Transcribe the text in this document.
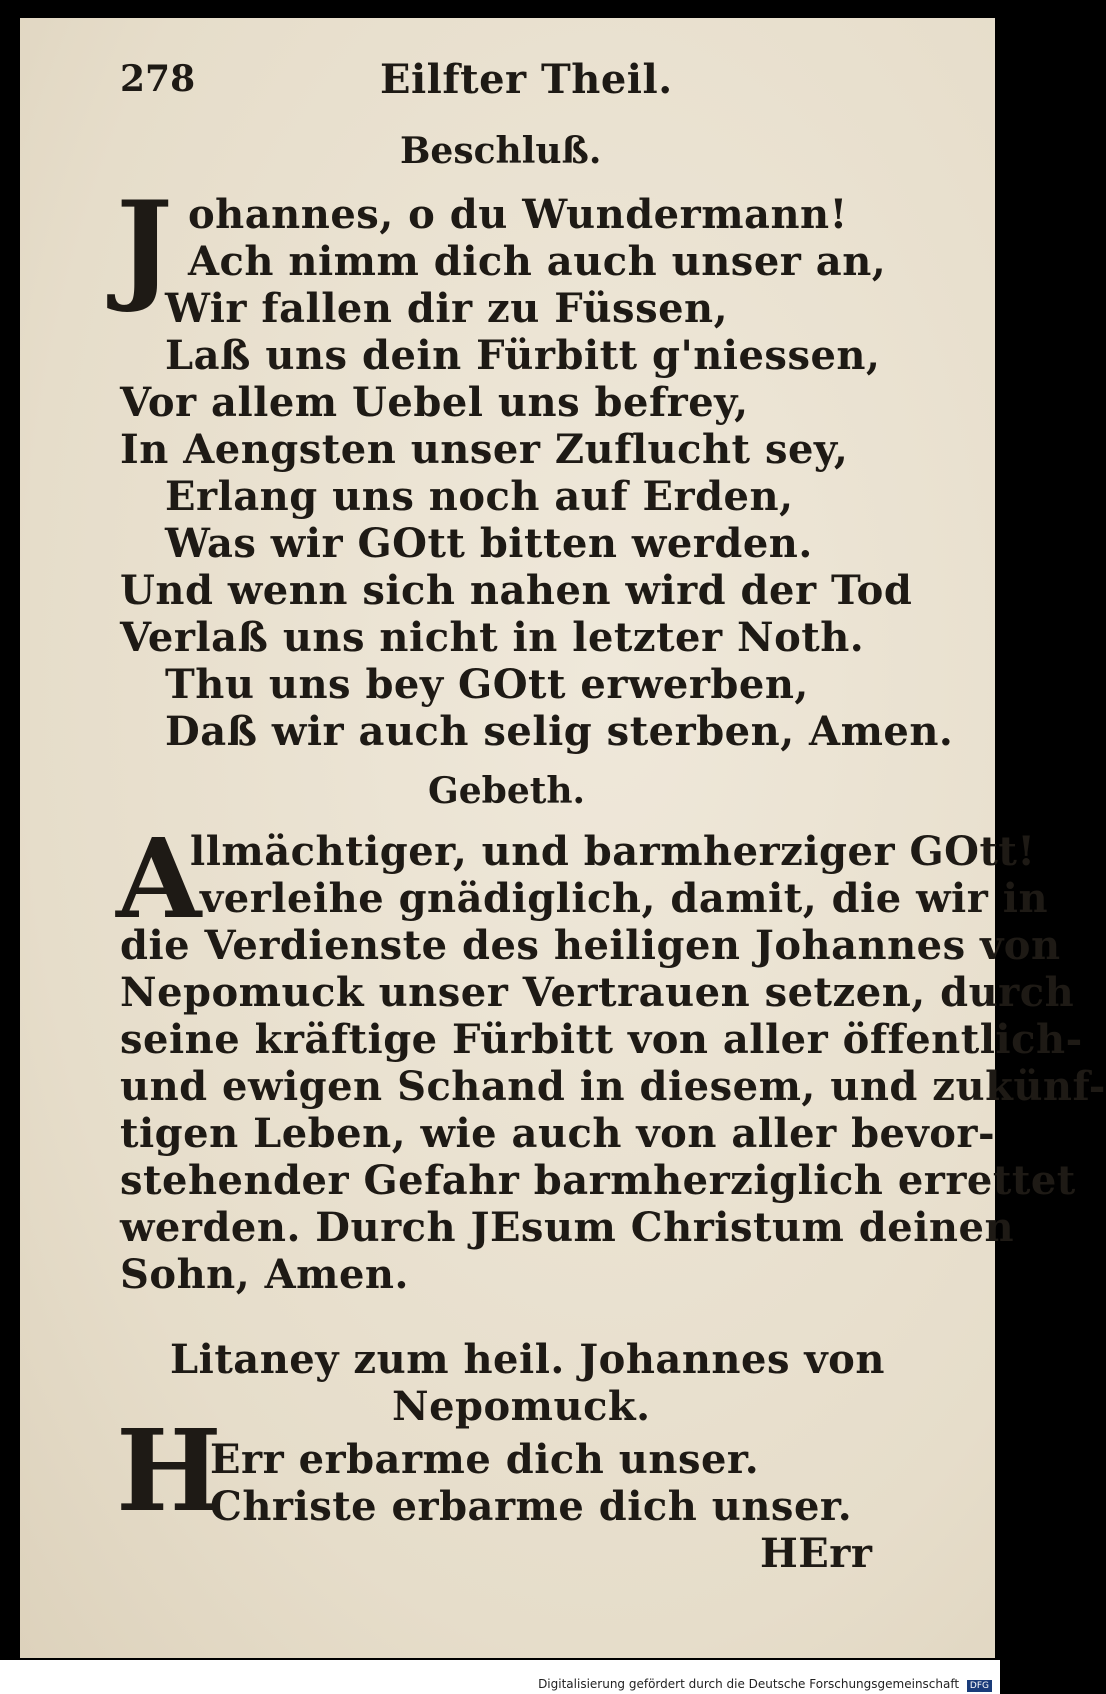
278	Eilfter Theil.
Beschluß.
J ohannes, o du Wundermann!
Ach nimm dich auch unser an,
Wir fallen dir zu Füssen,
Laß uns dein Fürbitt g'niessen,
Vor allem Uebel uns befrey,
In Aengsten unser Zuflucht sey,
Erlang uns noch auf Erden,
Was wir GOtt bitten werden.
Und wenn sich nahen wird der Tod
Verlaß uns nicht in letzter Noth.
Thu uns bey GOtt erwerben,
Daß wir auch selig sterben, Amen.
Gebeth.
A
llmächtiger, und barmherziger GOtt!
verleihe gnädiglich, damit, die wir in
die Verdienste des heiligen Johannes von
Nepomuck unser Vertrauen setzen, durch
seine kräftige Fürbitt von aller öffentlich-
und ewigen Schand in diesem, und zukünf-
tigen Leben, wie auch von aller bevor-
stehender Gefahr barmherziglich errettet
werden. Durch JEsum Christum deinen
Sohn, Amen.
Litaney zum heil. Johannes von
Nepomuck.
H
Err erbarme dich unser.
Christe erbarme dich unser.
HErr
Digitalisierung gefördert durch die Deutsche Forschungsgemeinschaft DFG
